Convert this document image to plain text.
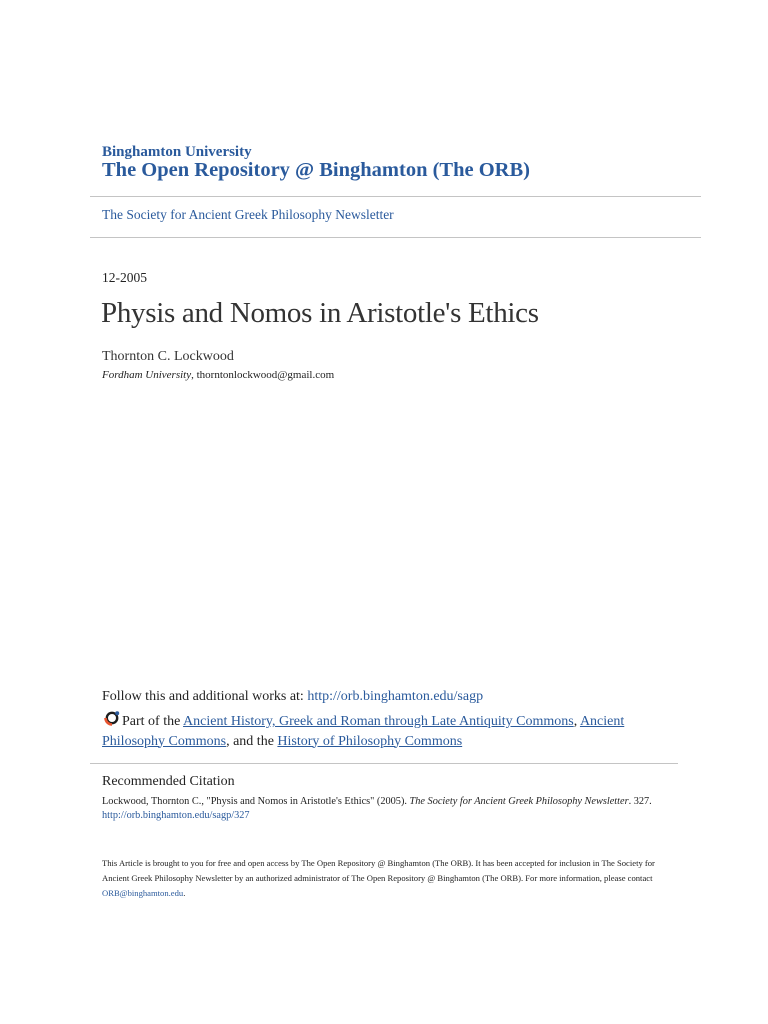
Binghamton University
The Open Repository @ Binghamton (The ORB)
The Society for Ancient Greek Philosophy Newsletter
12-2005
Physis and Nomos in Aristotle's Ethics
Thornton C. Lockwood
Fordham University, thorntonlockwood@gmail.com
Follow this and additional works at: http://orb.binghamton.edu/sagp
Part of the Ancient History, Greek and Roman through Late Antiquity Commons, Ancient Philosophy Commons, and the History of Philosophy Commons
Recommended Citation
Lockwood, Thornton C., "Physis and Nomos in Aristotle's Ethics" (2005). The Society for Ancient Greek Philosophy Newsletter. 327.
http://orb.binghamton.edu/sagp/327
This Article is brought to you for free and open access by The Open Repository @ Binghamton (The ORB). It has been accepted for inclusion in The Society for Ancient Greek Philosophy Newsletter by an authorized administrator of The Open Repository @ Binghamton (The ORB). For more information, please contact ORB@binghamton.edu.
